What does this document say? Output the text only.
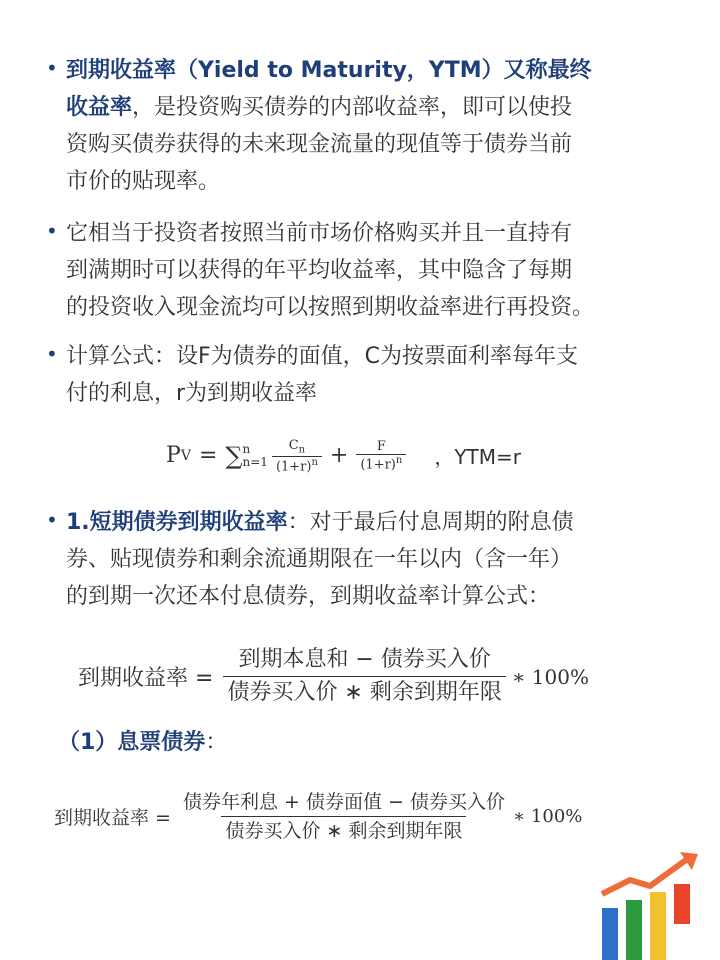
• 到期收益率（Yield to Maturity，YTM）又称最终
收益率，是投资购买债券的内部收益率，即可以使投
资购买债券获得的未来现金流量的现值等于债券当前
市价的贴现率。
• 它相当于投资者按照当前市场价格购买并且一直持有
到满期时可以获得的年平均收益率，其中隐含了每期
的投资收入现金流均可以按照到期收益率进行再投资。
• 计算公式：设F为债券的面值，C为按票面利率每年支
付的利息，r为到期收益率
P V = ∑ n
$n=1 \frac{C_n}{(1+r)^n} + \frac{F}{(1+r)^n}$ ，YTM=r
• 1.短期债券到期收益率：对于最后付息周期的附息债
券、贴现债券和剩余流通期限在一年以内（含一年）
的到期一次还本付息债券，到期收益率计算公式：
到期收益率 = $\frac{\text{到期本息和 − 债券买入价}}{\text{债券买入价 ∗ 剩余到期年限}}$ ∗ 100%
（1）息票债券：
到期收益率 = $\frac{\text{债券年利息 + 债券面值 − 债券买入价}}{\text{债券买入价 ∗ 剩余到期年限}}$ ∗ 100%
